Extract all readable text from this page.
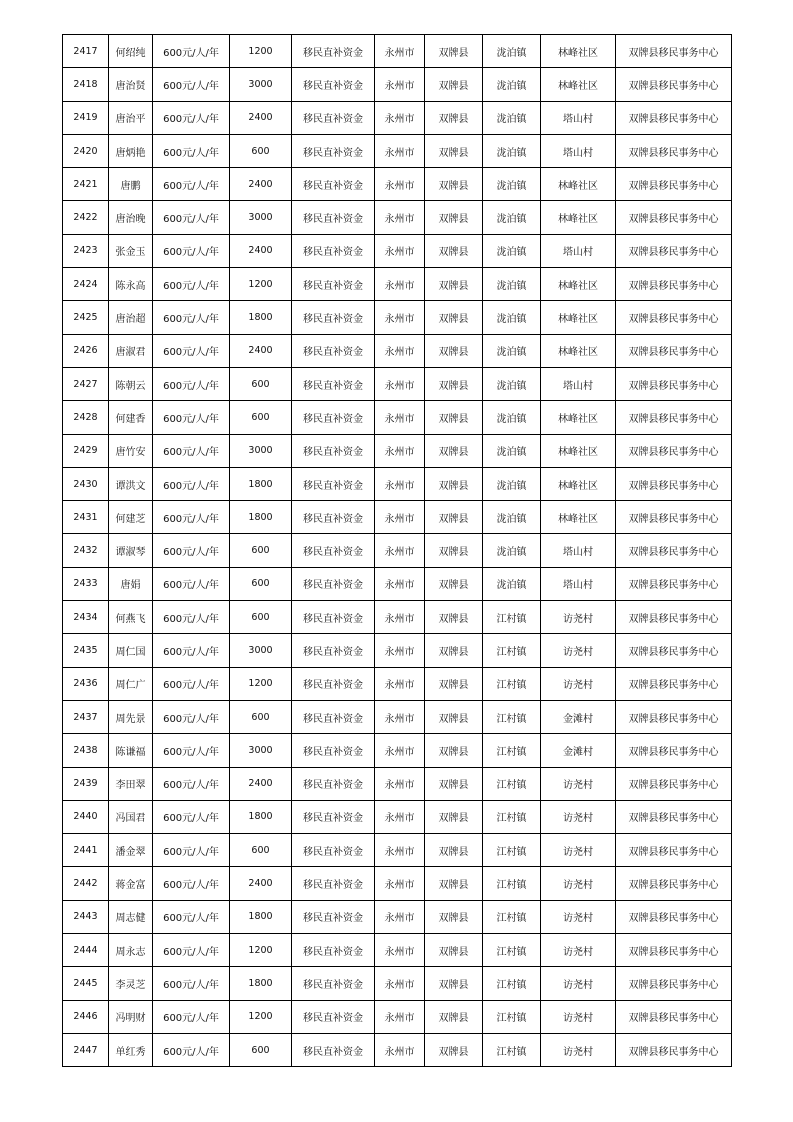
2417	何绍纯	600元/人/年	1200	移民直补资金	永州市	双牌县	泷泊镇	林峰社区	双牌县移民事务中心
2418	唐治贤	600元/人/年	3000	移民直补资金	永州市	双牌县	泷泊镇	林峰社区	双牌县移民事务中心
2419	唐治平	600元/人/年	2400	移民直补资金	永州市	双牌县	泷泊镇	塔山村	双牌县移民事务中心
2420	唐炳艳	600元/人/年	600	移民直补资金	永州市	双牌县	泷泊镇	塔山村	双牌县移民事务中心
2421	唐鹏	600元/人/年	2400	移民直补资金	永州市	双牌县	泷泊镇	林峰社区	双牌县移民事务中心
2422	唐治晚	600元/人/年	3000	移民直补资金	永州市	双牌县	泷泊镇	林峰社区	双牌县移民事务中心
2423	张金玉	600元/人/年	2400	移民直补资金	永州市	双牌县	泷泊镇	塔山村	双牌县移民事务中心
2424	陈永高	600元/人/年	1200	移民直补资金	永州市	双牌县	泷泊镇	林峰社区	双牌县移民事务中心
2425	唐治超	600元/人/年	1800	移民直补资金	永州市	双牌县	泷泊镇	林峰社区	双牌县移民事务中心
2426	唐淑君	600元/人/年	2400	移民直补资金	永州市	双牌县	泷泊镇	林峰社区	双牌县移民事务中心
2427	陈朝云	600元/人/年	600	移民直补资金	永州市	双牌县	泷泊镇	塔山村	双牌县移民事务中心
2428	何建香	600元/人/年	600	移民直补资金	永州市	双牌县	泷泊镇	林峰社区	双牌县移民事务中心
2429	唐竹安	600元/人/年	3000	移民直补资金	永州市	双牌县	泷泊镇	林峰社区	双牌县移民事务中心
2430	谭洪文	600元/人/年	1800	移民直补资金	永州市	双牌县	泷泊镇	林峰社区	双牌县移民事务中心
2431	何建芝	600元/人/年	1800	移民直补资金	永州市	双牌县	泷泊镇	林峰社区	双牌县移民事务中心
2432	谭淑琴	600元/人/年	600	移民直补资金	永州市	双牌县	泷泊镇	塔山村	双牌县移民事务中心
2433	唐娟	600元/人/年	600	移民直补资金	永州市	双牌县	泷泊镇	塔山村	双牌县移民事务中心
2434	何燕飞	600元/人/年	600	移民直补资金	永州市	双牌县	江村镇	访尧村	双牌县移民事务中心
2435	周仁国	600元/人/年	3000	移民直补资金	永州市	双牌县	江村镇	访尧村	双牌县移民事务中心
2436	周仁广	600元/人/年	1200	移民直补资金	永州市	双牌县	江村镇	访尧村	双牌县移民事务中心
2437	周先景	600元/人/年	600	移民直补资金	永州市	双牌县	江村镇	金滩村	双牌县移民事务中心
2438	陈谦福	600元/人/年	3000	移民直补资金	永州市	双牌县	江村镇	金滩村	双牌县移民事务中心
2439	李田翠	600元/人/年	2400	移民直补资金	永州市	双牌县	江村镇	访尧村	双牌县移民事务中心
2440	冯国君	600元/人/年	1800	移民直补资金	永州市	双牌县	江村镇	访尧村	双牌县移民事务中心
2441	潘金翠	600元/人/年	600	移民直补资金	永州市	双牌县	江村镇	访尧村	双牌县移民事务中心
2442	蒋金富	600元/人/年	2400	移民直补资金	永州市	双牌县	江村镇	访尧村	双牌县移民事务中心
2443	周志健	600元/人/年	1800	移民直补资金	永州市	双牌县	江村镇	访尧村	双牌县移民事务中心
2444	周永志	600元/人/年	1200	移民直补资金	永州市	双牌县	江村镇	访尧村	双牌县移民事务中心
2445	李灵芝	600元/人/年	1800	移民直补资金	永州市	双牌县	江村镇	访尧村	双牌县移民事务中心
2446	冯明财	600元/人/年	1200	移民直补资金	永州市	双牌县	江村镇	访尧村	双牌县移民事务中心
2447	单红秀	600元/人/年	600	移民直补资金	永州市	双牌县	江村镇	访尧村	双牌县移民事务中心
